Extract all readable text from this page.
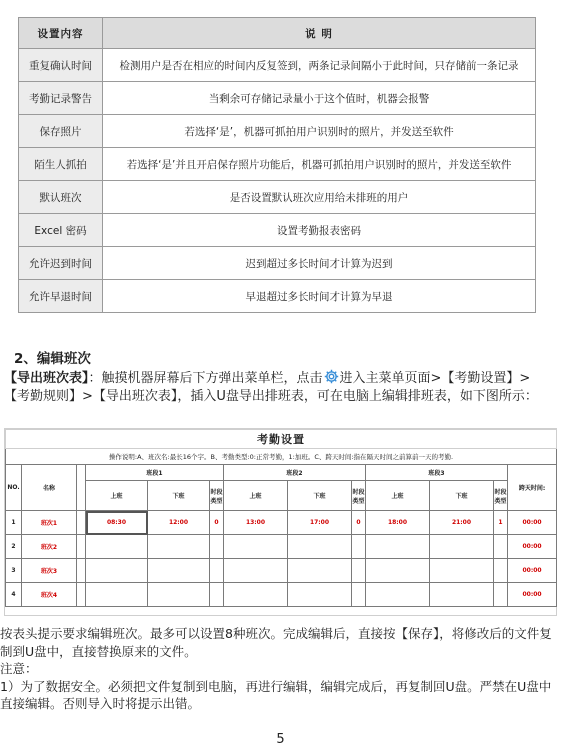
设置内容	说 明
重复确认时间	检测用户是否在相应的时间内反复签到，两条记录间隔小于此时间，只存储前一条记录
考勤记录警告	当剩余可存储记录量小于这个值时，机器会报警
保存照片	若选择‘是’，机器可抓拍用户识别时的照片，并发送至软件
陌生人抓拍	若选择‘是’并且开启保存照片功能后，机器可抓拍用户识别时的照片，并发送至软件
默认班次	是否设置默认班次应用给未排班的用户
Excel 密码	设置考勤报表密码
允许迟到时间	迟到超过多长时间才计算为迟到
允许早退时间	早退超过多长时间才计算为早退
2、编辑班次
【导出班次表】：触摸机器屏幕后下方弹出菜单栏，点击 进入主菜单页面>【考勤设置】>【考勤规则】>【导出班次表】，插入U盘导出排班表，可在电脑上编辑排班表，如下图所示：
考勤设置												
操作说明:A、班次名:最长16个字。B、考勤类型:0:正常考勤，1:加班。C、跨天时间:指在隔天时间之前算前一天的考勤.												
NO.	名称		班段1			班段2			班段3			跨天时间:
			上班	下班	时段类型	上班	下班	时段类型	上班	下班	时段类型	
1	班次1		08:30	12:00	0	13:00	17:00	0	18:00	21:00	1	00:00
2	班次2											00:00
3	班次3											00:00
4	班次4											00:00
按表头提示要求编辑班次。最多可以设置8种班次。完成编辑后，直接按【保存】，将修改后的文件复制到U盘中，直接替换原来的文件。
注意：
1）为了数据安全。必须把文件复制到电脑，再进行编辑，编辑完成后，再复制回U盘。严禁在U盘中直接编辑。否则导入时将提示出错。
5
